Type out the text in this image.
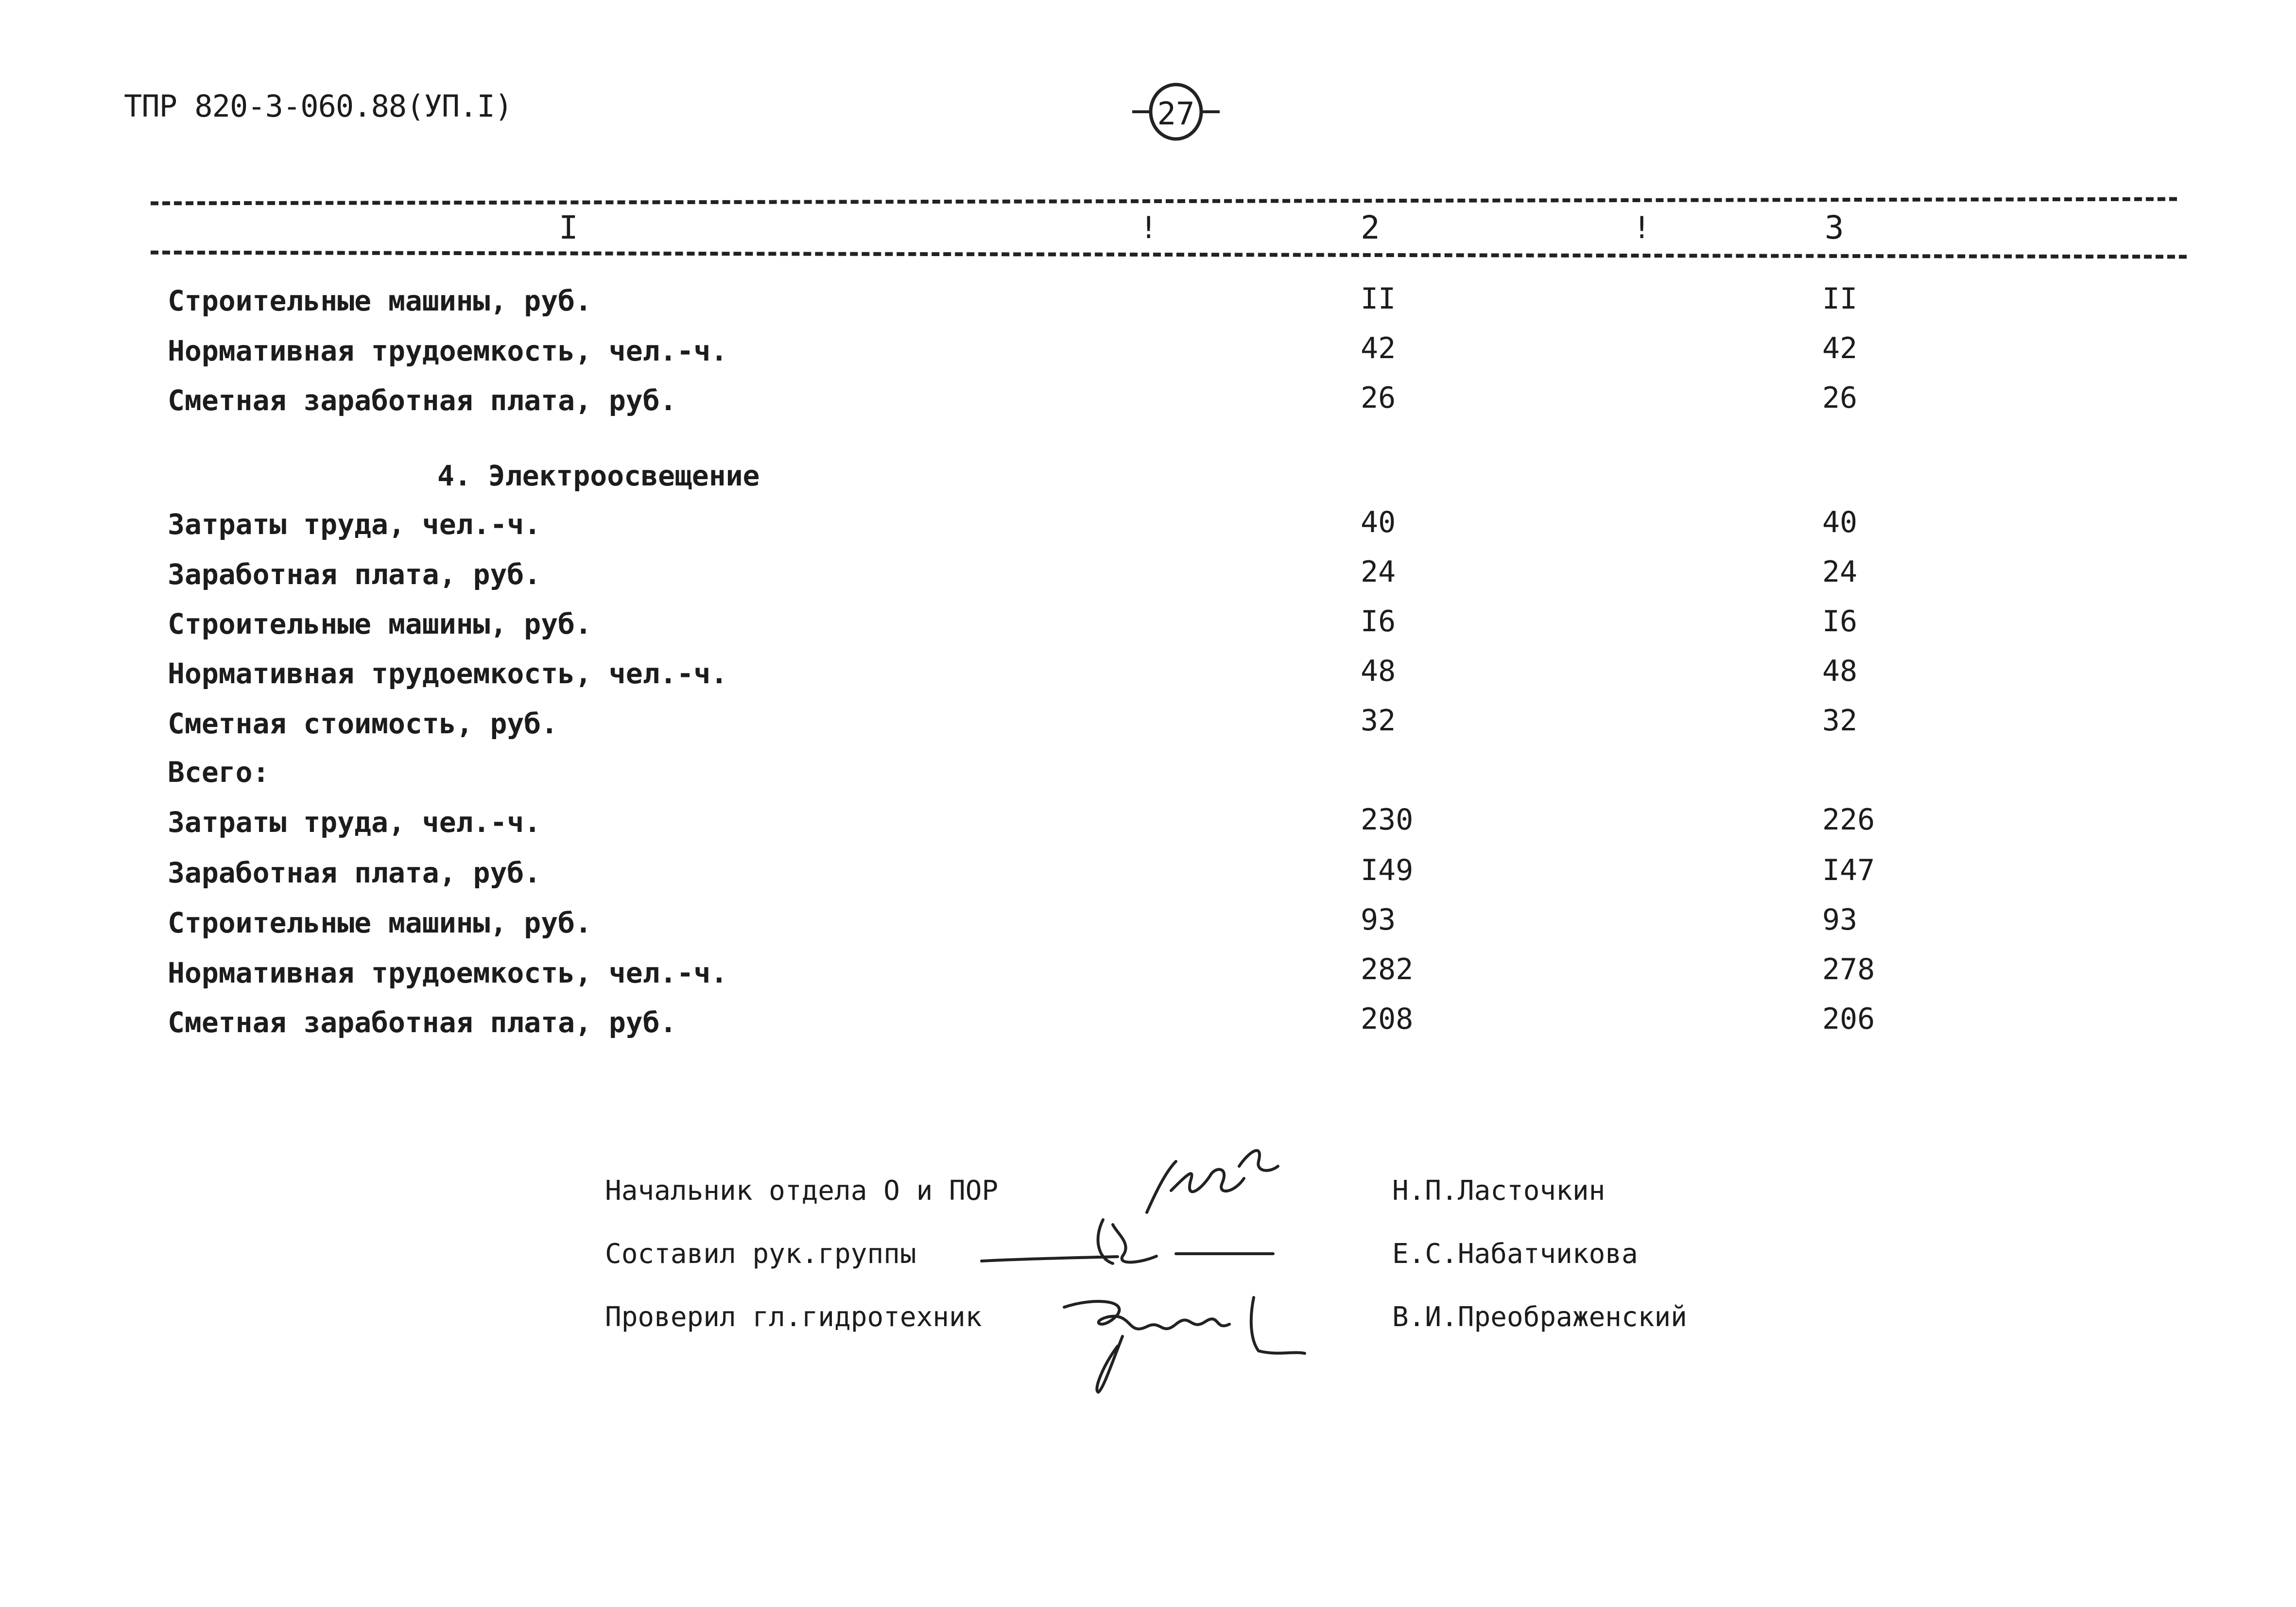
ТПР 820-3-060.88(УП.I)	27
I	!	2	!	3
Строительные машины, руб.	II	II
Нормативная трудоемкость, чел.-ч.	42	42
Сметная заработная плата, руб.	26	26
4. Электроосвещение
Затраты труда, чел.-ч.	40	40
Заработная плата, руб.	24	24
Строительные машины, руб.	I6	I6
Нормативная трудоемкость, чел.-ч.	48	48
Сметная стоимость, руб.	32	32
Всего:
Затраты труда, чел.-ч.	230	226
Заработная плата, руб.	I49	I47
Строительные машины, руб.	93	93
Нормативная трудоемкость, чел.-ч.	282	278
Сметная заработная плата, руб.	208	206
Начальник отдела О и ПОР	Н.П.Ласточкин
Составил рук.группы	Е.С.Набатчикова
Проверил гл.гидротехник	В.И.Преображенский
